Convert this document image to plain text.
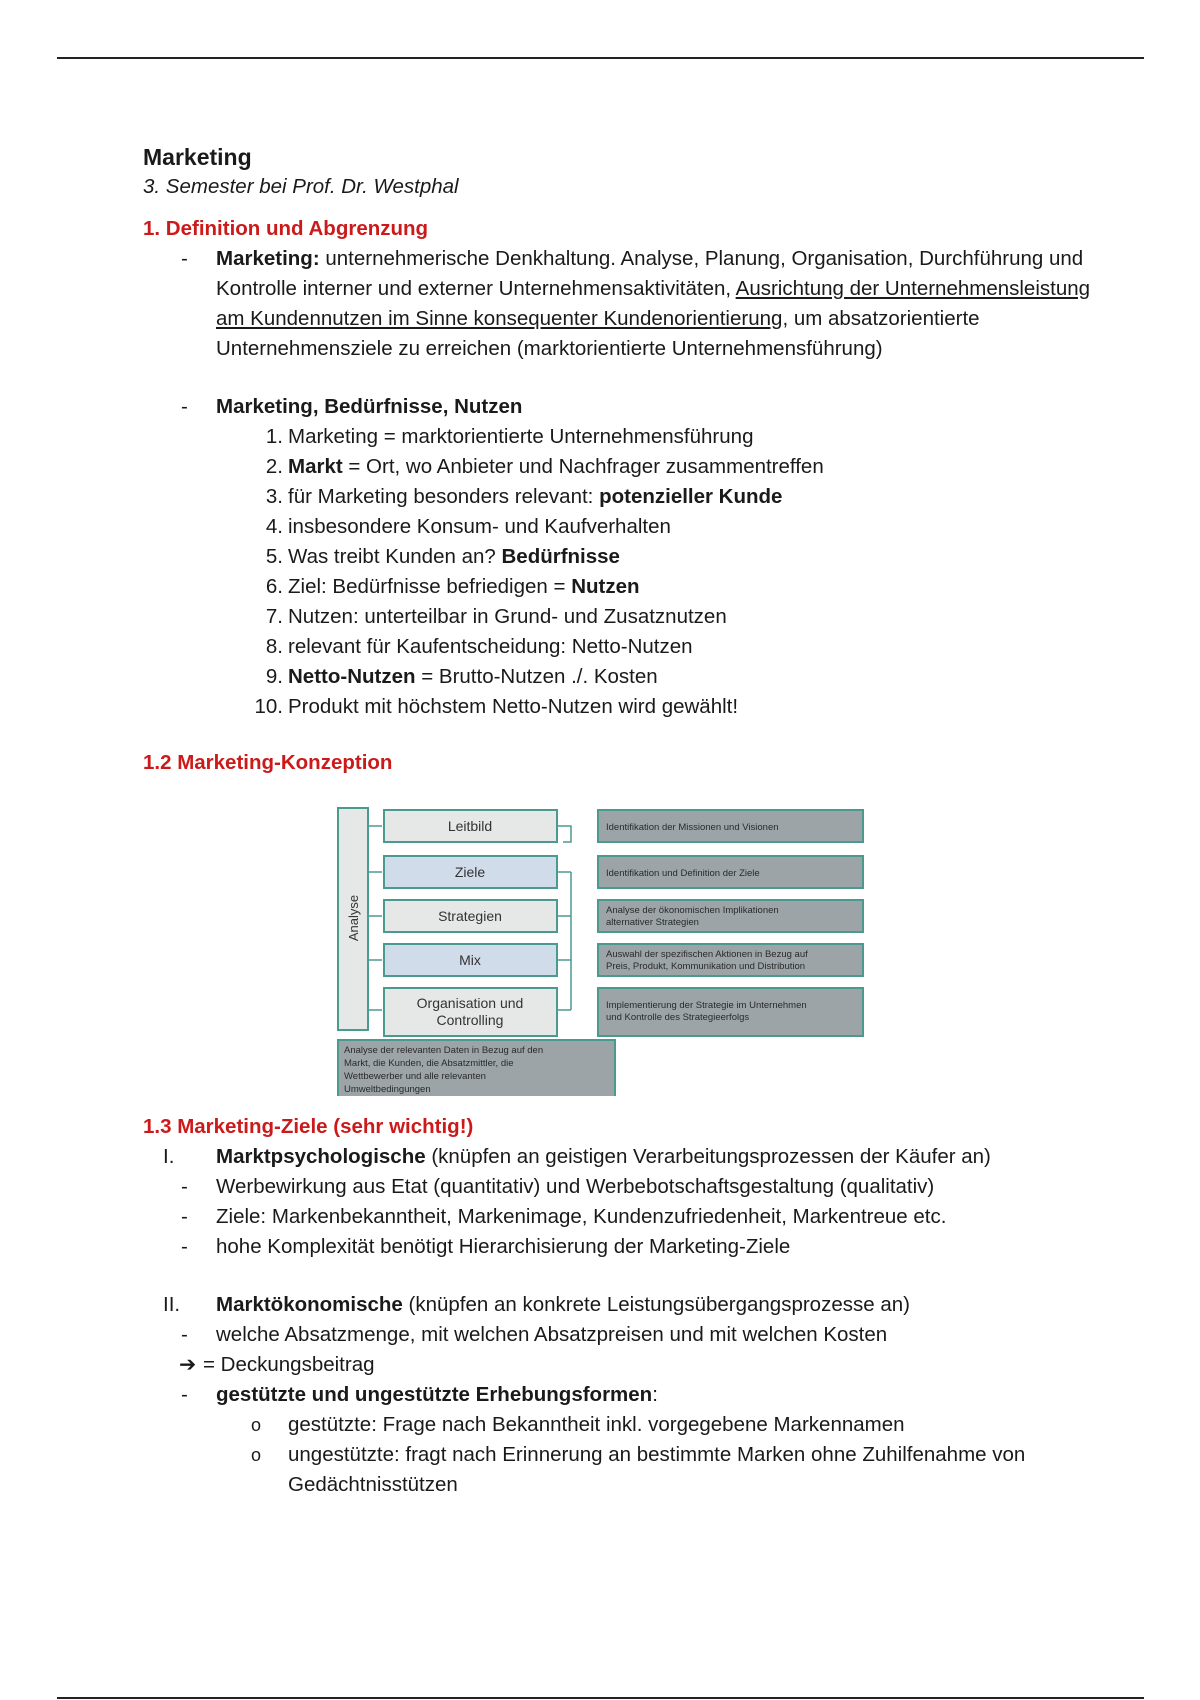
Marketing
3. Semester bei Prof. Dr. Westphal
1. Definition und Abgrenzung
- Marketing: unternehmerische Denkhaltung. Analyse, Planung, Organisation, Durchführung und Kontrolle interner und externer Unternehmensaktivitäten, Ausrichtung der Unternehmensleistung am Kundennutzen im Sinne konsequenter Kundenorientierung, um absatzorientierte Unternehmensziele zu erreichen (marktorientierte Unternehmensführung)
- Marketing, Bedürfnisse, Nutzen
1. Marketing = marktorientierte Unternehmensführung
2. Markt = Ort, wo Anbieter und Nachfrager zusammentreffen
3. für Marketing besonders relevant: potenzieller Kunde
4. insbesondere Konsum- und Kaufverhalten
5. Was treibt Kunden an? Bedürfnisse
6. Ziel: Bedürfnisse befriedigen = Nutzen
7. Nutzen: unterteilbar in Grund- und Zusatznutzen
8. relevant für Kaufentscheidung: Netto-Nutzen
9. Netto-Nutzen = Brutto-Nutzen ./. Kosten
10. Produkt mit höchstem Netto-Nutzen wird gewählt!
1.2 Marketing-Konzeption
Analyse
Leitbild
Ziele
Strategien
Mix
Organisation und
Controlling
Identifikation der Missionen und Visionen
Identifikation und Definition der Ziele
Analyse der ökonomischen Implikationen
alternativer Strategien
Auswahl der spezifischen Aktionen in Bezug auf
Preis, Produkt, Kommunikation und Distribution
Implementierung der Strategie im Unternehmen
und Kontrolle des Strategieerfolgs
Analyse der relevanten Daten in Bezug auf den
Markt, die Kunden, die Absatzmittler, die
Wettbewerber und alle relevanten
Umweltbedingungen
1.3 Marketing-Ziele (sehr wichtig!)
I. Marktpsychologische (knüpfen an geistigen Verarbeitungsprozessen der Käufer an)
- Werbewirkung aus Etat (quantitativ) und Werbebotschaftsgestaltung (qualitativ)
- Ziele: Markenbekanntheit, Markenimage, Kundenzufriedenheit, Markentreue etc.
- hohe Komplexität benötigt Hierarchisierung der Marketing-Ziele
II. Marktökonomische (knüpfen an konkrete Leistungsübergangsprozesse an)
- welche Absatzmenge, mit welchen Absatzpreisen und mit welchen Kosten
➔ = Deckungsbeitrag
- gestützte und ungestützte Erhebungsformen:
o gestützte: Frage nach Bekanntheit inkl. vorgegebene Markennamen
o ungestützte: fragt nach Erinnerung an bestimmte Marken ohne Zuhilfenahme von Gedächtnisstützen
